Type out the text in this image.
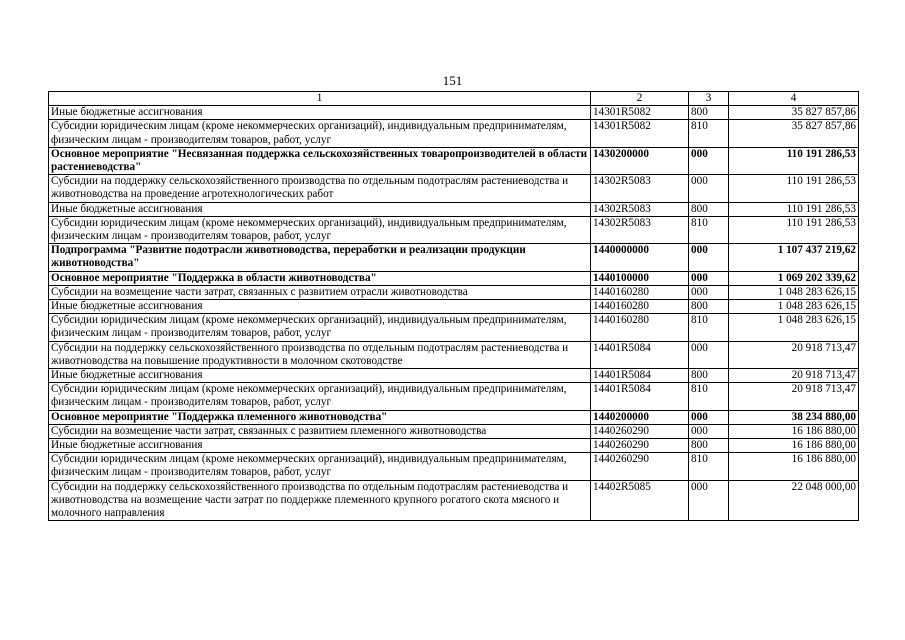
151
1	2	3	4
Иные бюджетные ассигнования	14301R5082	800	35 827 857,86
Субсидии юридическим лицам (кроме некоммерческих организаций), индивидуальным предпринимателям, физическим лицам - производителям товаров, работ, услуг	14301R5082	810	35 827 857,86
Основное мероприятие "Несвязанная поддержка сельскохозяйственных товаропроизводителей в области растениеводства"	1430200000	000	110 191 286,53
Субсидии на поддержку сельскохозяйственного производства по отдельным подотраслям растениеводства и животноводства на проведение агротехнологических работ	14302R5083	000	110 191 286,53
Иные бюджетные ассигнования	14302R5083	800	110 191 286,53
Субсидии юридическим лицам (кроме некоммерческих организаций), индивидуальным предпринимателям, физическим лицам - производителям товаров, работ, услуг	14302R5083	810	110 191 286,53
Подпрограмма "Развитие подотрасли животноводства, переработки и реализации продукции животноводства"	1440000000	000	1 107 437 219,62
Основное мероприятие "Поддержка в области животноводства"	1440100000	000	1 069 202 339,62
Субсидии на возмещение части затрат, связанных с развитием отрасли животноводства	1440160280	000	1 048 283 626,15
Иные бюджетные ассигнования	1440160280	800	1 048 283 626,15
Субсидии юридическим лицам (кроме некоммерческих организаций), индивидуальным предпринимателям, физическим лицам - производителям товаров, работ, услуг	1440160280	810	1 048 283 626,15
Субсидии на поддержку сельскохозяйственного производства по отдельным подотраслям растениеводства и животноводства на повышение продуктивности в молочном скотоводстве	14401R5084	000	20 918 713,47
Иные бюджетные ассигнования	14401R5084	800	20 918 713,47
Субсидии юридическим лицам (кроме некоммерческих организаций), индивидуальным предпринимателям, физическим лицам - производителям товаров, работ, услуг	14401R5084	810	20 918 713,47
Основное мероприятие "Поддержка племенного животноводства"	1440200000	000	38 234 880,00
Субсидии на возмещение части затрат, связанных с развитием племенного животноводства	1440260290	000	16 186 880,00
Иные бюджетные ассигнования	1440260290	800	16 186 880,00
Субсидии юридическим лицам (кроме некоммерческих организаций), индивидуальным предпринимателям, физическим лицам - производителям товаров, работ, услуг	1440260290	810	16 186 880,00
Субсидии на поддержку сельскохозяйственного производства по отдельным подотраслям растениеводства и животноводства на возмещение части затрат по поддержке племенного крупного рогатого скота мясного и молочного направления	14402R5085	000	22 048 000,00
